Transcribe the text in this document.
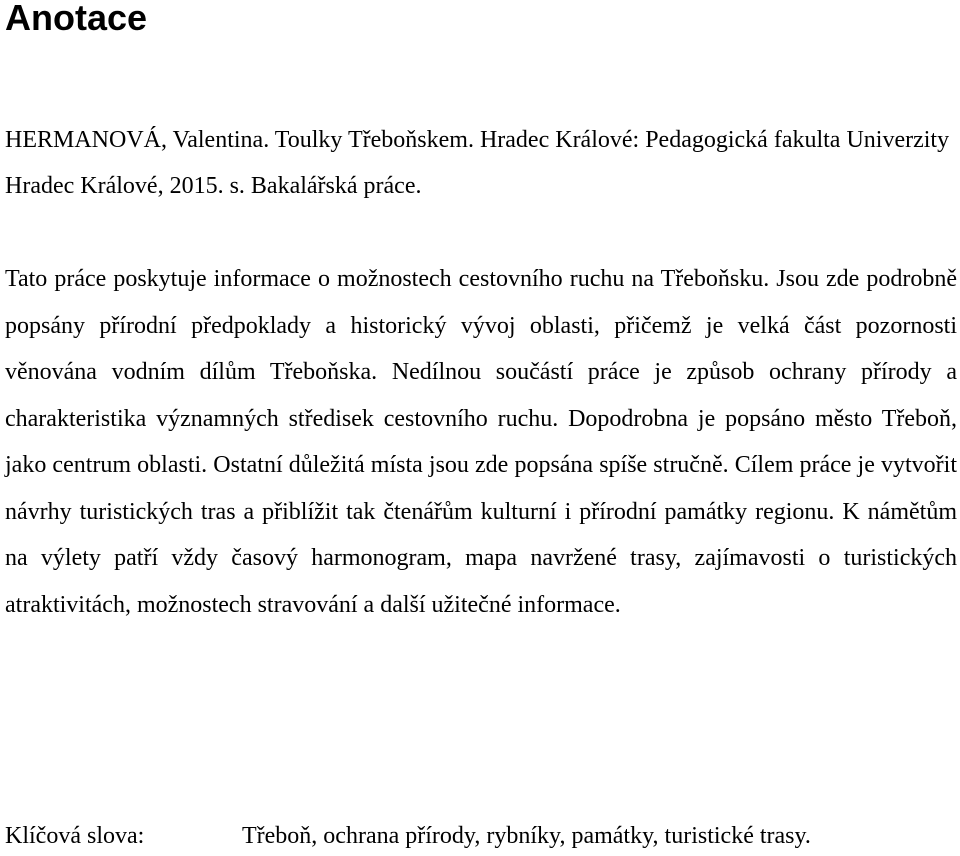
Anotace

HERMANOVÁ, Valentina. Toulky Třeboňskem. Hradec Králové: Pedagogická fakulta Univerzity Hradec Králové, 2015. s. Bakalářská práce.

Tato práce poskytuje informace o možnostech cestovního ruchu na Třeboňsku. Jsou zde podrobně popsány přírodní předpoklady a historický vývoj oblasti, přičemž je velká část pozornosti věnována vodním dílům Třeboňska. Nedílnou součástí práce je způsob ochrany přírody a charakteristika významných středisek cestovního ruchu. Dopodrobna je popsáno město Třeboň, jako centrum oblasti. Ostatní důležitá místa jsou zde popsána spíše stručně. Cílem práce je vytvořit návrhy turistických tras a přiblížit tak čtenářům kulturní i přírodní památky regionu. K námětům na výlety patří vždy časový harmonogram, mapa navržené trasy, zajímavosti o turistických atraktivitách, možnostech stravování a další užitečné informace.

Klíčová slova:	Třeboň, ochrana přírody, rybníky, památky, turistické trasy.
